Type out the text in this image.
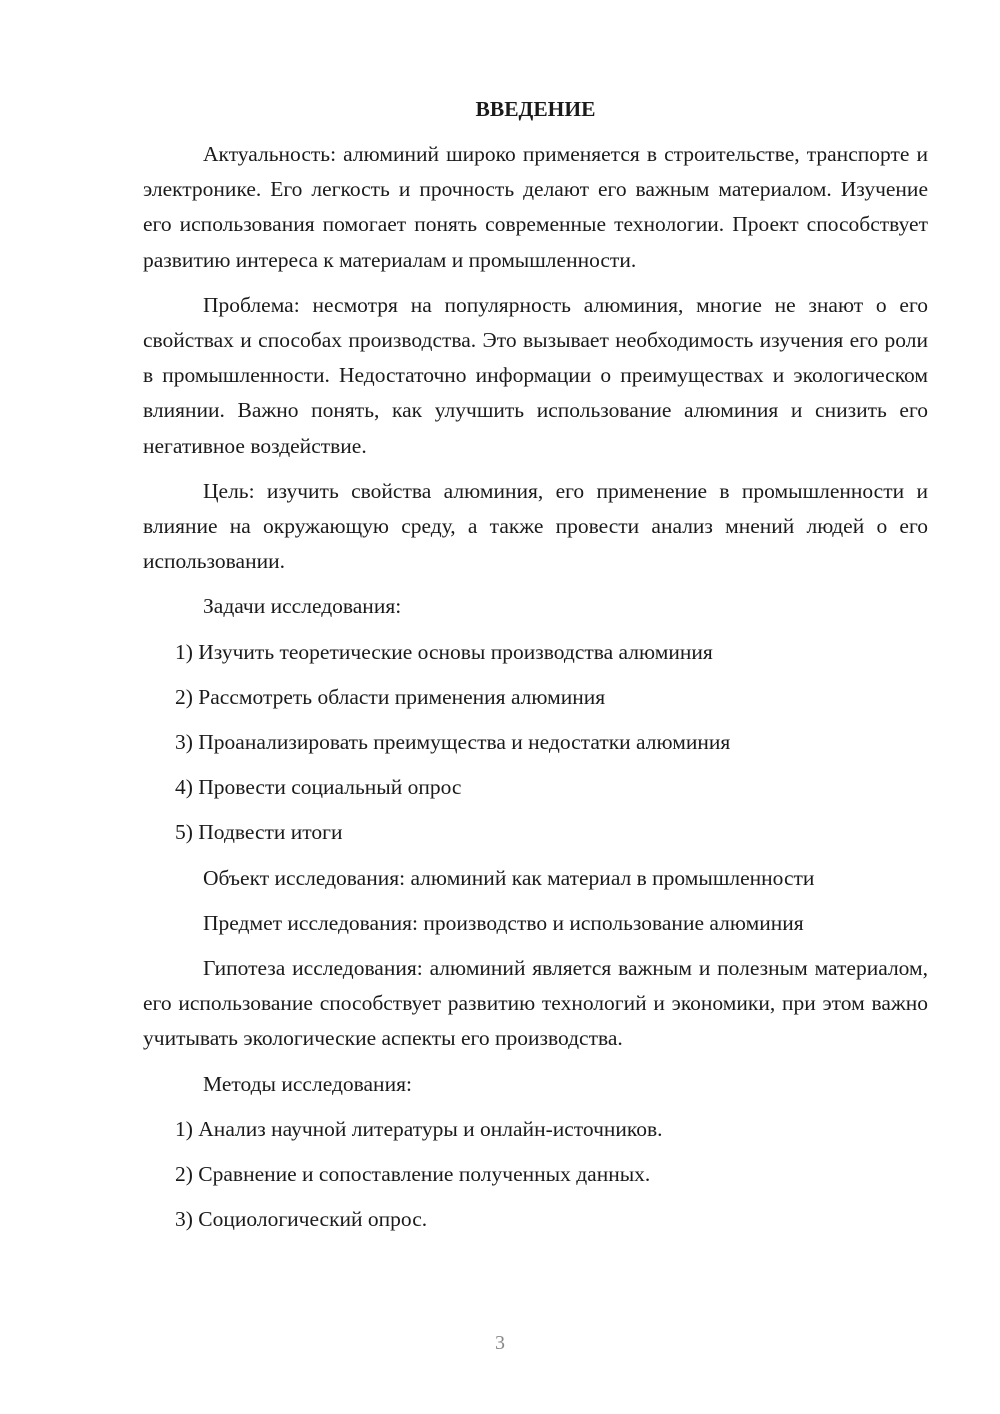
ВВЕДЕНИЕ
Актуальность: алюминий широко применяется в строительстве, транспорте и электронике. Его легкость и прочность делают его важным материалом. Изучение его использования помогает понять современные технологии. Проект способствует развитию интереса к материалам и промышленности.
Проблема: несмотря на популярность алюминия, многие не знают о его свойствах и способах производства. Это вызывает необходимость изучения его роли в промышленности. Недостаточно информации о преимуществах и экологическом влиянии. Важно понять, как улучшить использование алюминия и снизить его негативное воздействие.
Цель: изучить свойства алюминия, его применение в промышленности и влияние на окружающую среду, а также провести анализ мнений людей о его использовании.
Задачи исследования:
1) Изучить теоретические основы производства алюминия
2) Рассмотреть области применения алюминия
3) Проанализировать преимущества и недостатки алюминия
4) Провести социальный опрос
5) Подвести итоги
Объект исследования: алюминий как материал в промышленности
Предмет исследования: производство и использование алюминия
Гипотеза исследования: алюминий является важным и полезным материалом, его использование способствует развитию технологий и экономики, при этом важно учитывать экологические аспекты его производства.
Методы исследования:
1) Анализ научной литературы и онлайн-источников.
2) Сравнение и сопоставление полученных данных.
3) Социологический опрос.
3
